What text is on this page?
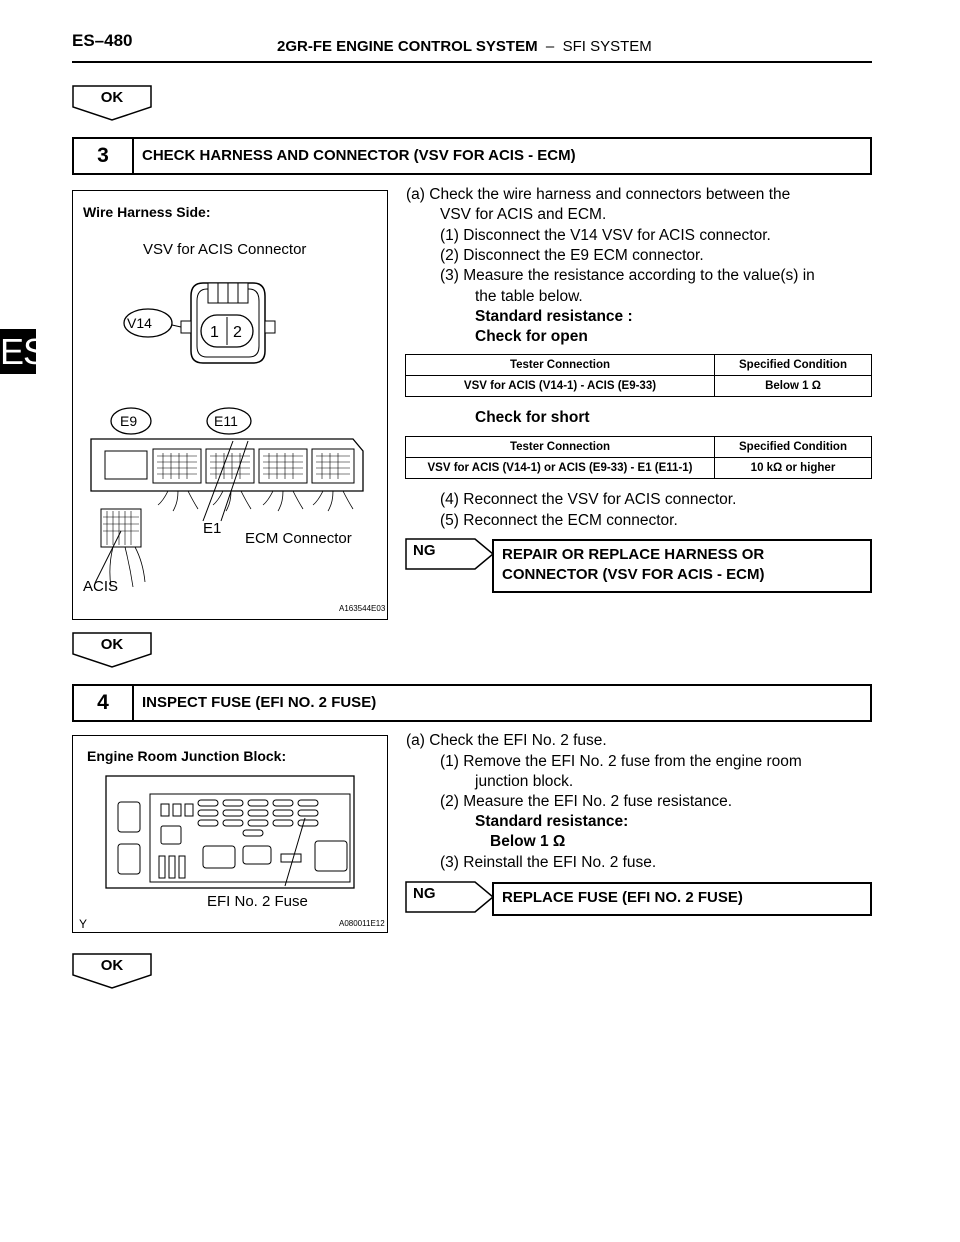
ES–480	2GR-FE ENGINE CONTROL SYSTEM  –  SFI SYSTEM
ES
OK
3	CHECK HARNESS AND CONNECTOR (VSV FOR ACIS - ECM)
Wire Harness Side:
VSV for ACIS Connector
V14
1 2
E9	E11
E1
ECM Connector
ACIS
A163544E03
(a) Check the wire harness and connectors between the
VSV for ACIS and ECM.
(1) Disconnect the V14 VSV for ACIS connector.
(2) Disconnect the E9 ECM connector.
(3) Measure the resistance according to the value(s) in
the table below.
Standard resistance :
Check for open
Tester Connection	Specified Condition
VSV for ACIS (V14-1) - ACIS (E9-33)	Below 1 Ω
Check for short
Tester Connection	Specified Condition
VSV for ACIS (V14-1) or ACIS (E9-33) - E1 (E11-1)	10 kΩ or higher
(4) Reconnect the VSV for ACIS connector.
(5) Reconnect the ECM connector.
NG	REPAIR OR REPLACE HARNESS OR
CONNECTOR (VSV FOR ACIS - ECM)
OK
4	INSPECT FUSE (EFI NO. 2 FUSE)
Engine Room Junction Block:
EFI No. 2 Fuse
Y	A080011E12
(a) Check the EFI No. 2 fuse.
(1) Remove the EFI No. 2 fuse from the engine room
junction block.
(2) Measure the EFI No. 2 fuse resistance.
Standard resistance:
Below 1 Ω
(3) Reinstall the EFI No. 2 fuse.
NG	REPLACE FUSE (EFI NO. 2 FUSE)
OK
